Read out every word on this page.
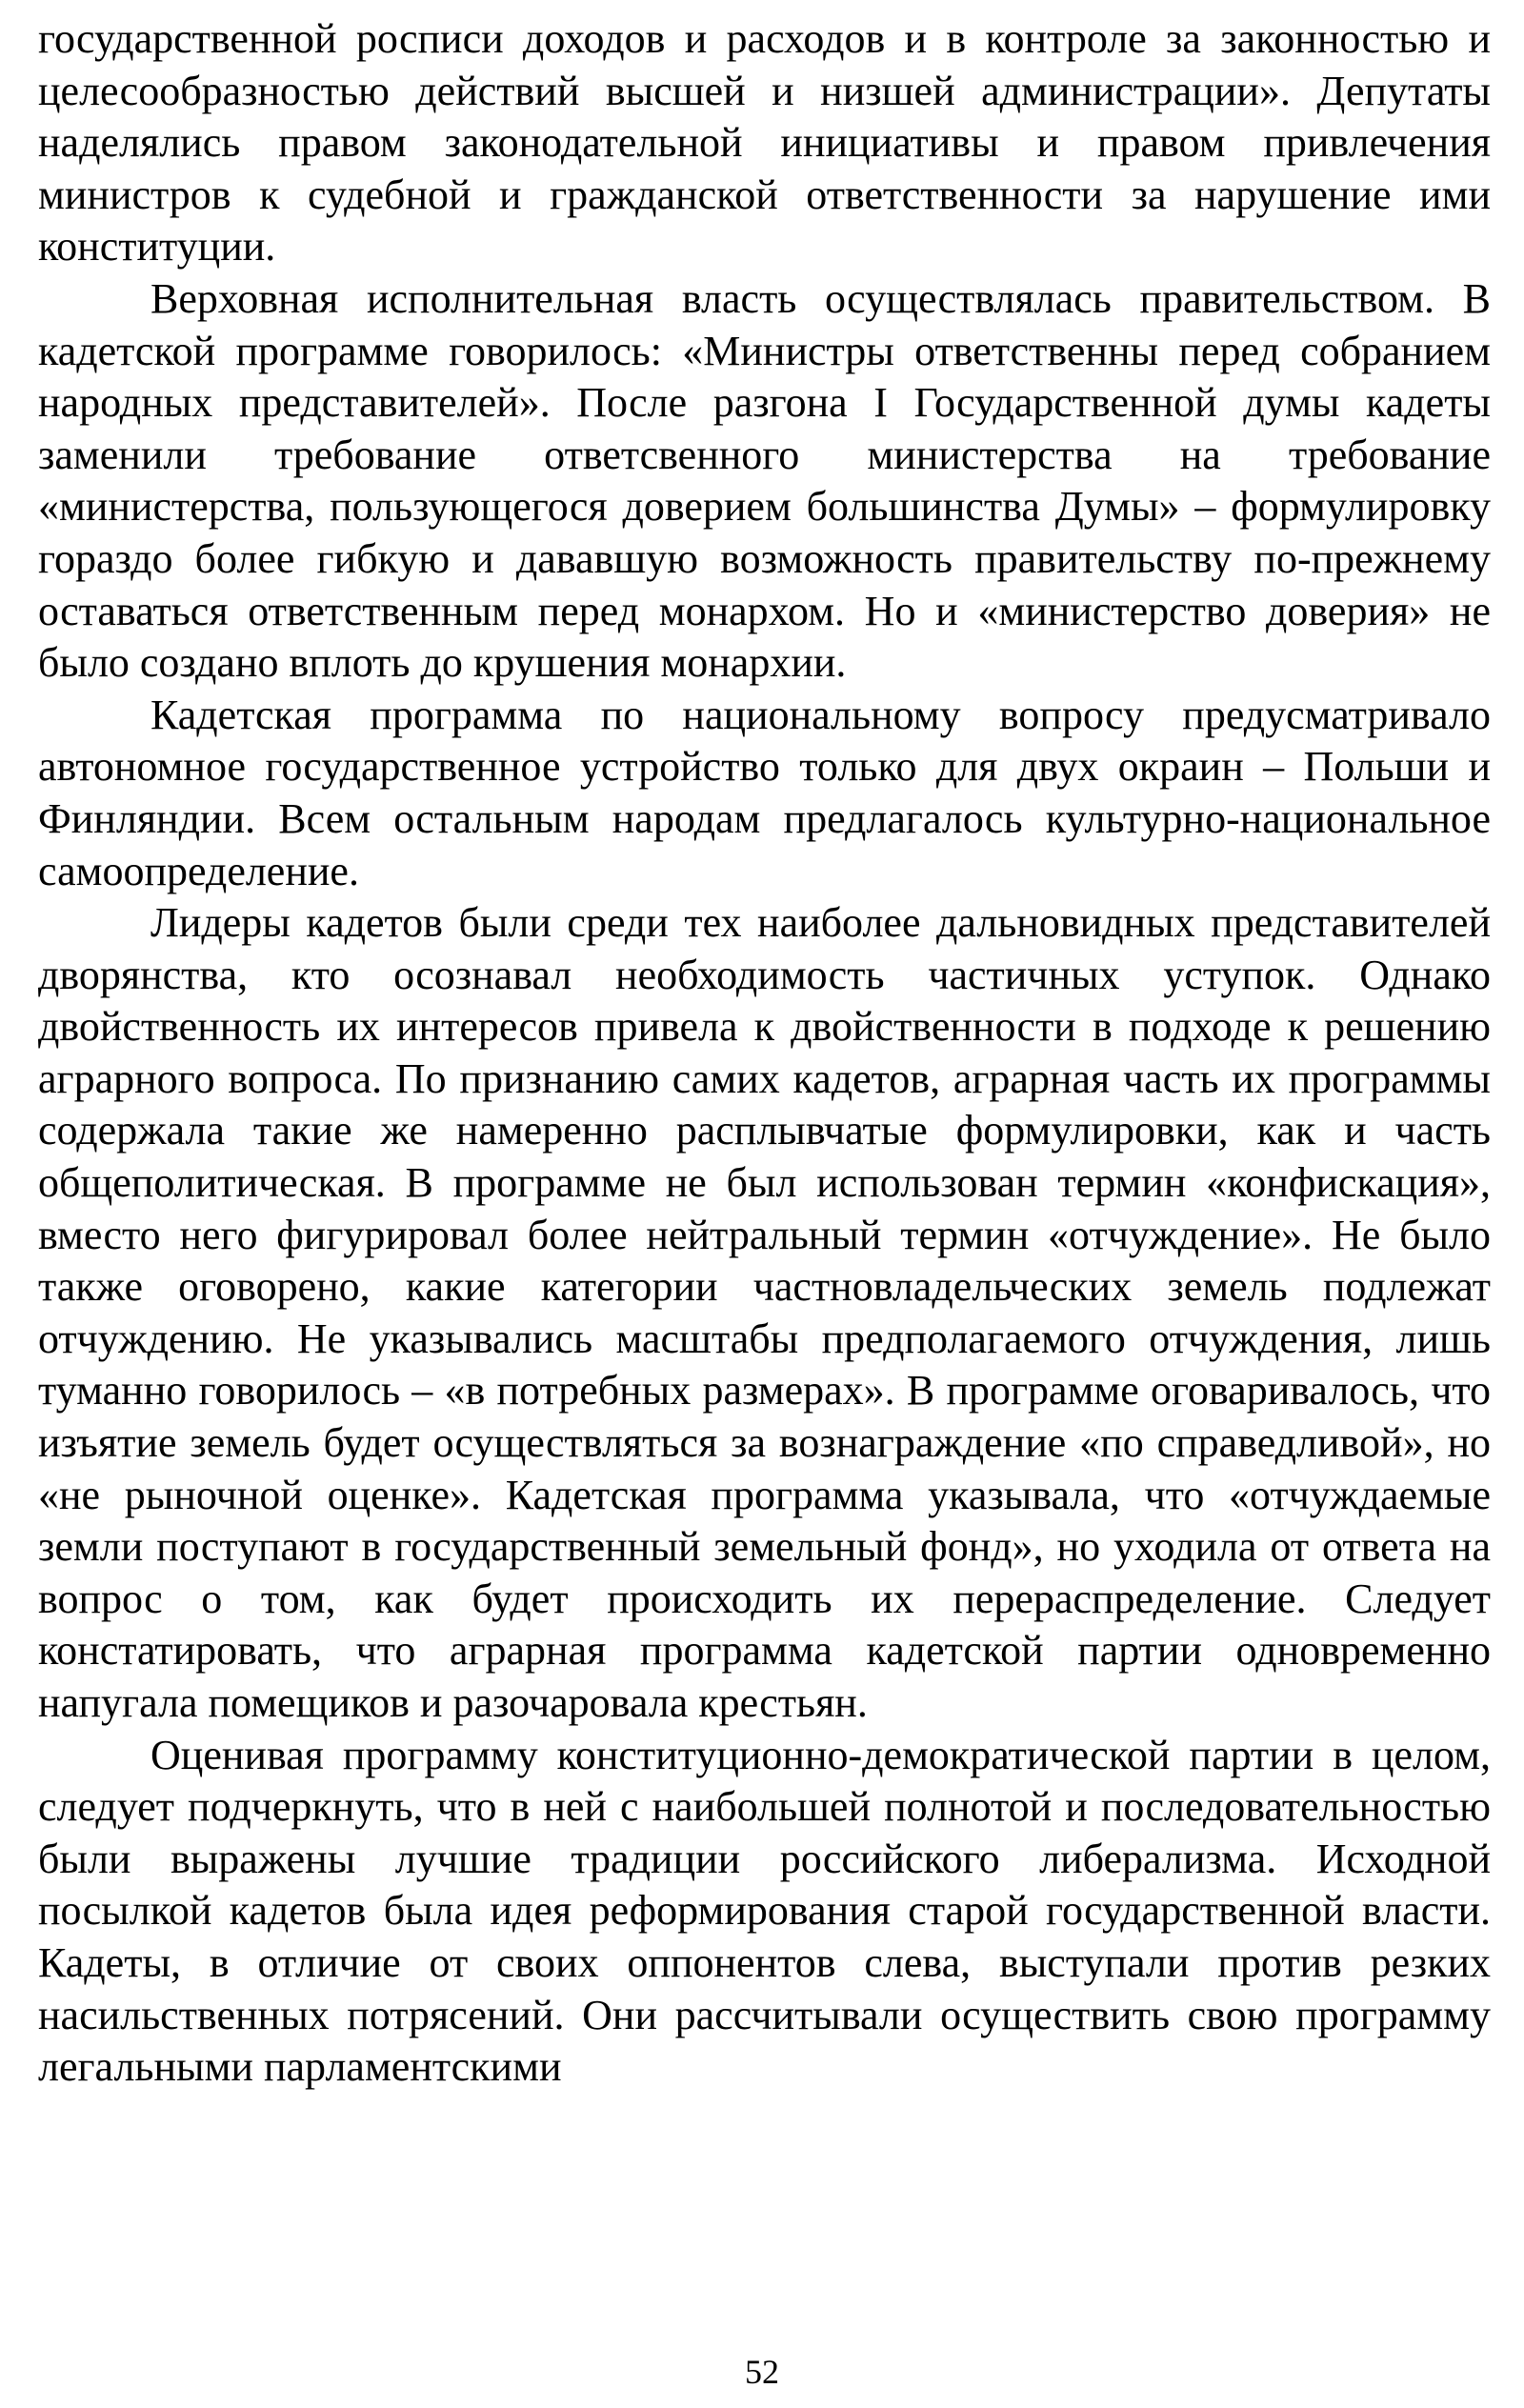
государственной росписи доходов и расходов и в контроле за законностью и целесообразностью действий высшей и низшей администрации». Депутаты наделялись правом законодательной инициативы и правом привлечения министров к судебной и гражданской ответственности за нарушение ими конституции.

Верховная исполнительная власть осуществлялась правительством. В кадетской программе говорилось: «Министры ответственны перед собранием народных представителей». После разгона I Государственной думы кадеты заменили требование ответсвенного министерства на требование «министерства, пользующегося доверием большинства Думы» – формулировку гораздо более гибкую и дававшую возможность правительству по-прежнему оставаться ответственным перед монархом. Но и «министерство доверия» не было создано вплоть до крушения монархии.

Кадетская программа по национальному вопросу предусматривало автономное государственное устройство только для двух окраин – Польши и Финляндии. Всем остальным народам предлагалось культурно-национальное самоопределение.

Лидеры кадетов были среди тех наиболее дальновидных представителей дворянства, кто осознавал необходимость частичных уступок. Однако двойственность их интересов привела к двойственности в подходе к решению аграрного вопроса. По признанию самих кадетов, аграрная часть их программы содержала такие же намеренно расплывчатые формулировки, как и часть общеполитическая. В программе не был использован термин «конфискация», вместо него фигурировал более нейтральный термин «отчуждение». Не было также оговорено, какие категории частновладельческих земель подлежат отчуждению. Не указывались масштабы предполагаемого отчуждения, лишь туманно говорилось – «в потребных размерах». В программе оговаривалось, что изъятие земель будет осуществляться за вознаграждение «по справедливой», но «не рыночной оценке». Кадетская программа указывала, что «отчуждаемые земли поступают в государственный земельный фонд», но уходила от ответа на вопрос о том, как будет происходить их перераспределение. Следует констатировать, что аграрная программа кадетской партии одновременно напугала помещиков и разочаровала крестьян.

Оценивая программу конституционно-демократической партии в целом, следует подчеркнуть, что в ней с наибольшей полнотой и последовательностью были выражены лучшие традиции российского либерализма. Исходной посылкой кадетов была идея реформирования старой государственной власти. Кадеты, в отличие от своих оппонентов слева, выступали против резких насильственных потрясений. Они рассчитывали осуществить свою программу легальными парламентскими

52
